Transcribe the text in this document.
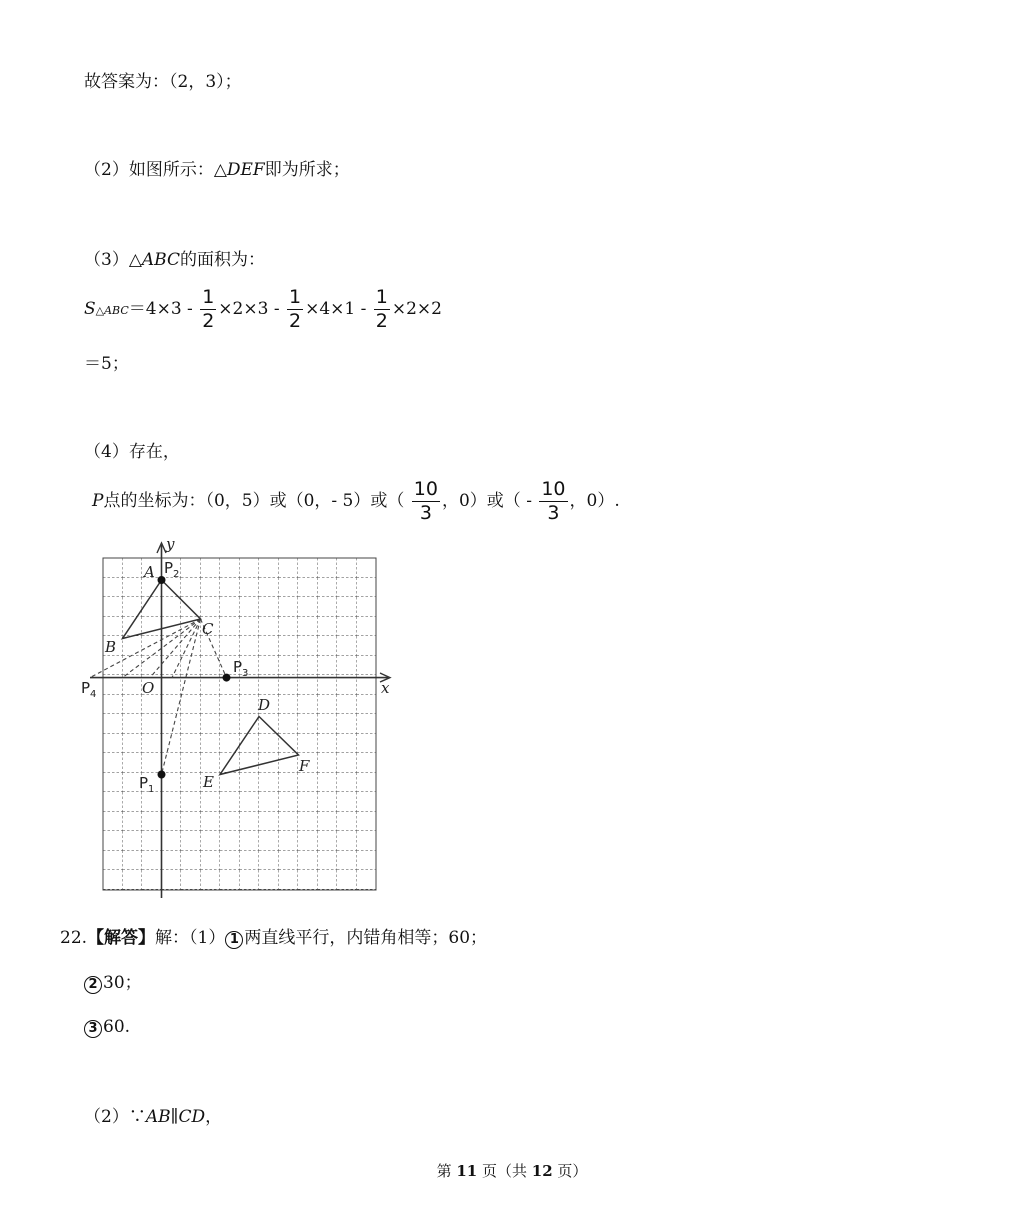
故答案为：（2，3）；
（2）如图所示：△DEF即为所求；
（3）△ABC的面积为：
S△ABC＝4×3 - $\frac{1}{2} \times 2\times 3 - \frac{1}{2} \times 4\times 1 - \frac{1}{2} \times 2\times 2$
＝5；
（4）存在，
P点的坐标为：（0，5）或（0，- 5）或（ $\frac{10}{3}$ ，0）或（ - $\frac{10}{3}$ ，0）.
y
x
O
A
B
C
D
E
F
$P_2$
$P_3$
$P_4$
$P_1$
22.【解答】解：（1） 1 两直线平行，内错角相等；60；
2 30；
3 60.
（2）∵AB∥CD，
第 11 页（共 12 页）
